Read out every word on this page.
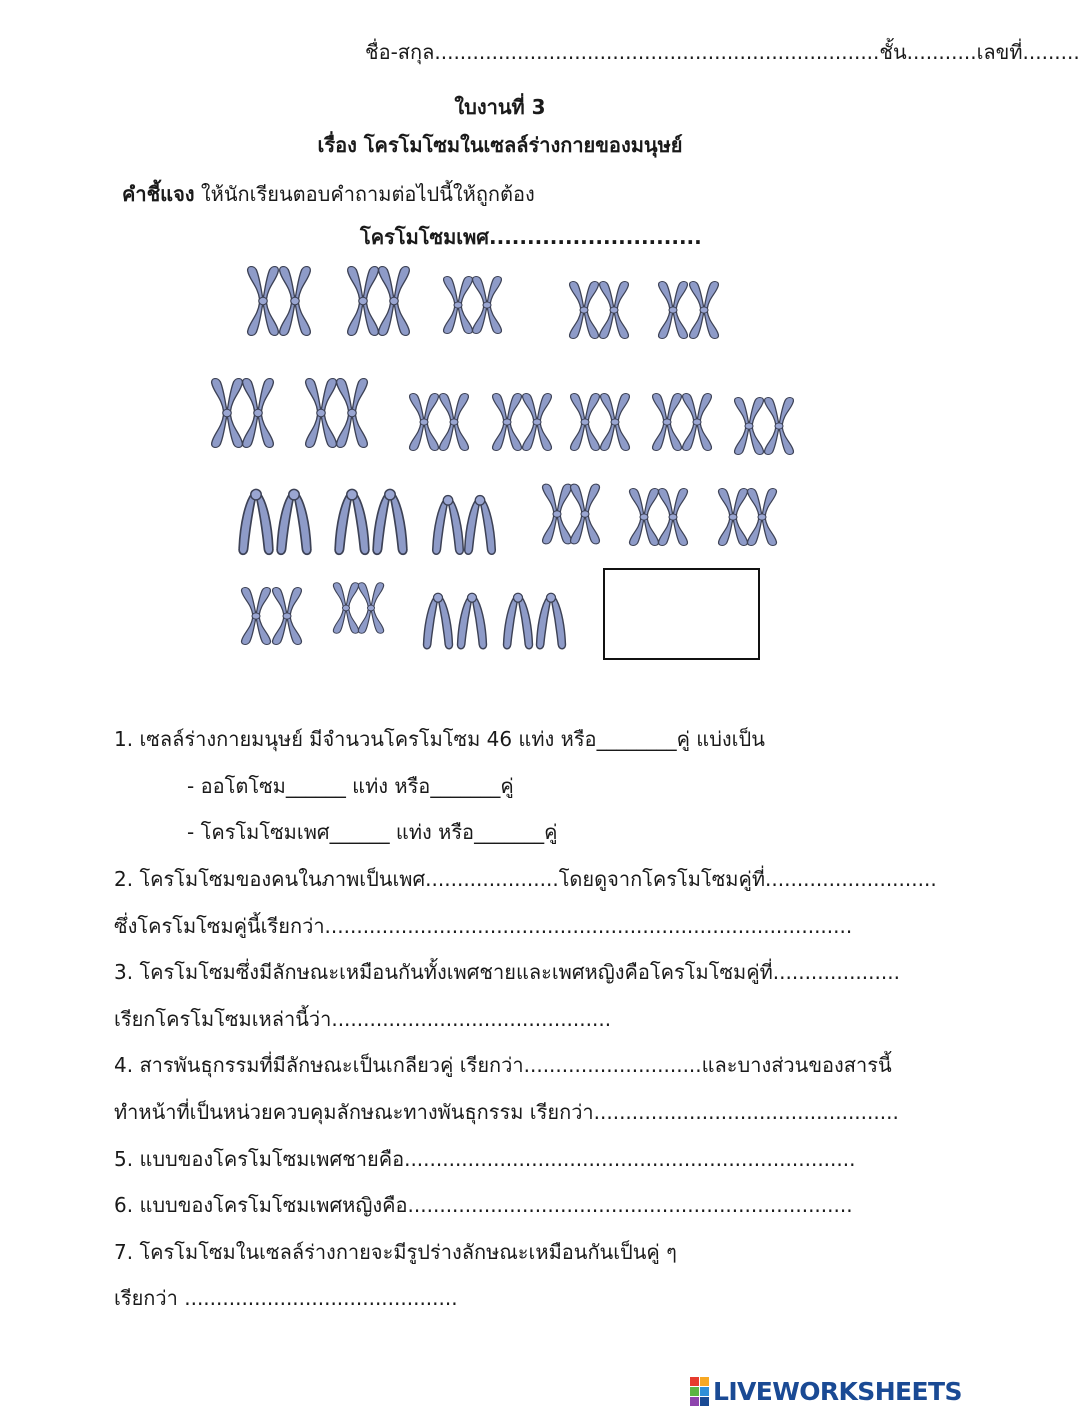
ชื่อ-สกุล......................................................................ชั้น...........เลขที่.........
ใบงานที่ 3
เรื่อง โครโมโซมในเซลล์ร่างกายของมนุษย์
คำชี้แจง ให้นักเรียนตอบคำถามต่อไปนี้ให้ถูกต้อง
โครโมโซมเพศ............................
1. เซลล์ร่างกายมนุษย์ มีจำนวนโครโมโซม 46 แท่ง หรือ________คู่ แบ่งเป็น
- ออโตโซม______ แท่ง หรือ_______คู่
- โครโมโซมเพศ______ แท่ง หรือ_______คู่
2. โครโมโซมของคนในภาพเป็นเพศ.....................โดยดูจากโครโมโซมคู่ที่...........................
ซึ่งโครโมโซมคู่นี้เรียกว่า...................................................................................
3. โครโมโซมซึ่งมีลักษณะเหมือนกันทั้งเพศชายและเพศหญิงคือโครโมโซมคู่ที่....................
เรียกโครโมโซมเหล่านี้ว่า............................................
4. สารพันธุกรรมที่มีลักษณะเป็นเกลียวคู่ เรียกว่า............................และบางส่วนของสารนี้
ทำหน้าที่เป็นหน่วยควบคุมลักษณะทางพันธุกรรม เรียกว่า................................................
5. แบบของโครโมโซมเพศชายคือ.......................................................................
6. แบบของโครโมโซมเพศหญิงคือ......................................................................
7. โครโมโซมในเซลล์ร่างกายจะมีรูปร่างลักษณะเหมือนกันเป็นคู่ ๆ
เรียกว่า ...........................................
LIVEWORKSHEETS
